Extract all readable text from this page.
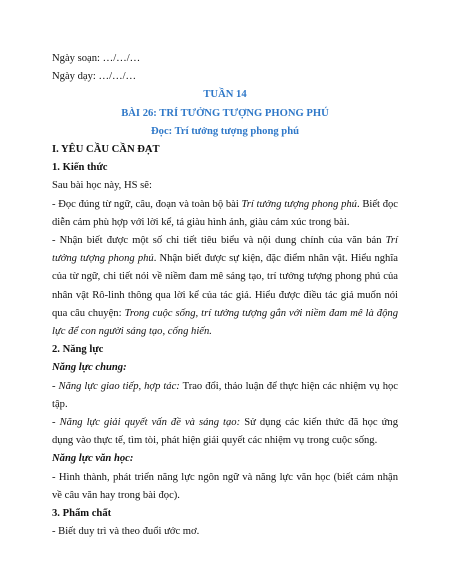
Ngày soạn: …/…/…

Ngày dạy: …/…/…

TUẦN 14

BÀI 26: TRÍ TƯỞNG TƯỢNG PHONG PHÚ

Đọc: Trí tưởng tượng phong phú

I. YÊU CẦU CẦN ĐẠT

1. Kiến thức

Sau bài học này, HS sẽ:

- Đọc đúng từ ngữ, câu, đoạn và toàn bộ bài Trí tưởng tượng phong phú. Biết đọc diễn cảm phù hợp với lời kể, tả giàu hình ảnh, giàu cảm xúc trong bài.

- Nhận biết được một số chi tiết tiêu biểu và nội dung chính của văn bản Trí tưởng tượng phong phú. Nhận biết được sự kiện, đặc điểm nhân vật. Hiểu nghĩa của từ ngữ, chi tiết nói về niềm đam mê sáng tạo, trí tưởng tượng phong phú của nhân vật Rô-linh thông qua lời kể của tác giả. Hiểu được điều tác giả muốn nói qua câu chuyện: Trong cuộc sống, trí tưởng tượng gắn với niềm đam mê là động lực để con người sáng tạo, cống hiến.

2. Năng lực

Năng lực chung:

- Năng lực giao tiếp, hợp tác: Trao đổi, thảo luận để thực hiện các nhiệm vụ học tập.

- Năng lực giải quyết vấn đề và sáng tạo: Sử dụng các kiến thức đã học ứng dụng vào thực tế, tìm tòi, phát hiện giải quyết các nhiệm vụ trong cuộc sống.

Năng lực văn học:

- Hình thành, phát triển năng lực ngôn ngữ và năng lực văn học (biết cảm nhận về câu văn hay trong bài đọc).

3. Phẩm chất

- Biết duy trì và theo đuổi ước mơ.
